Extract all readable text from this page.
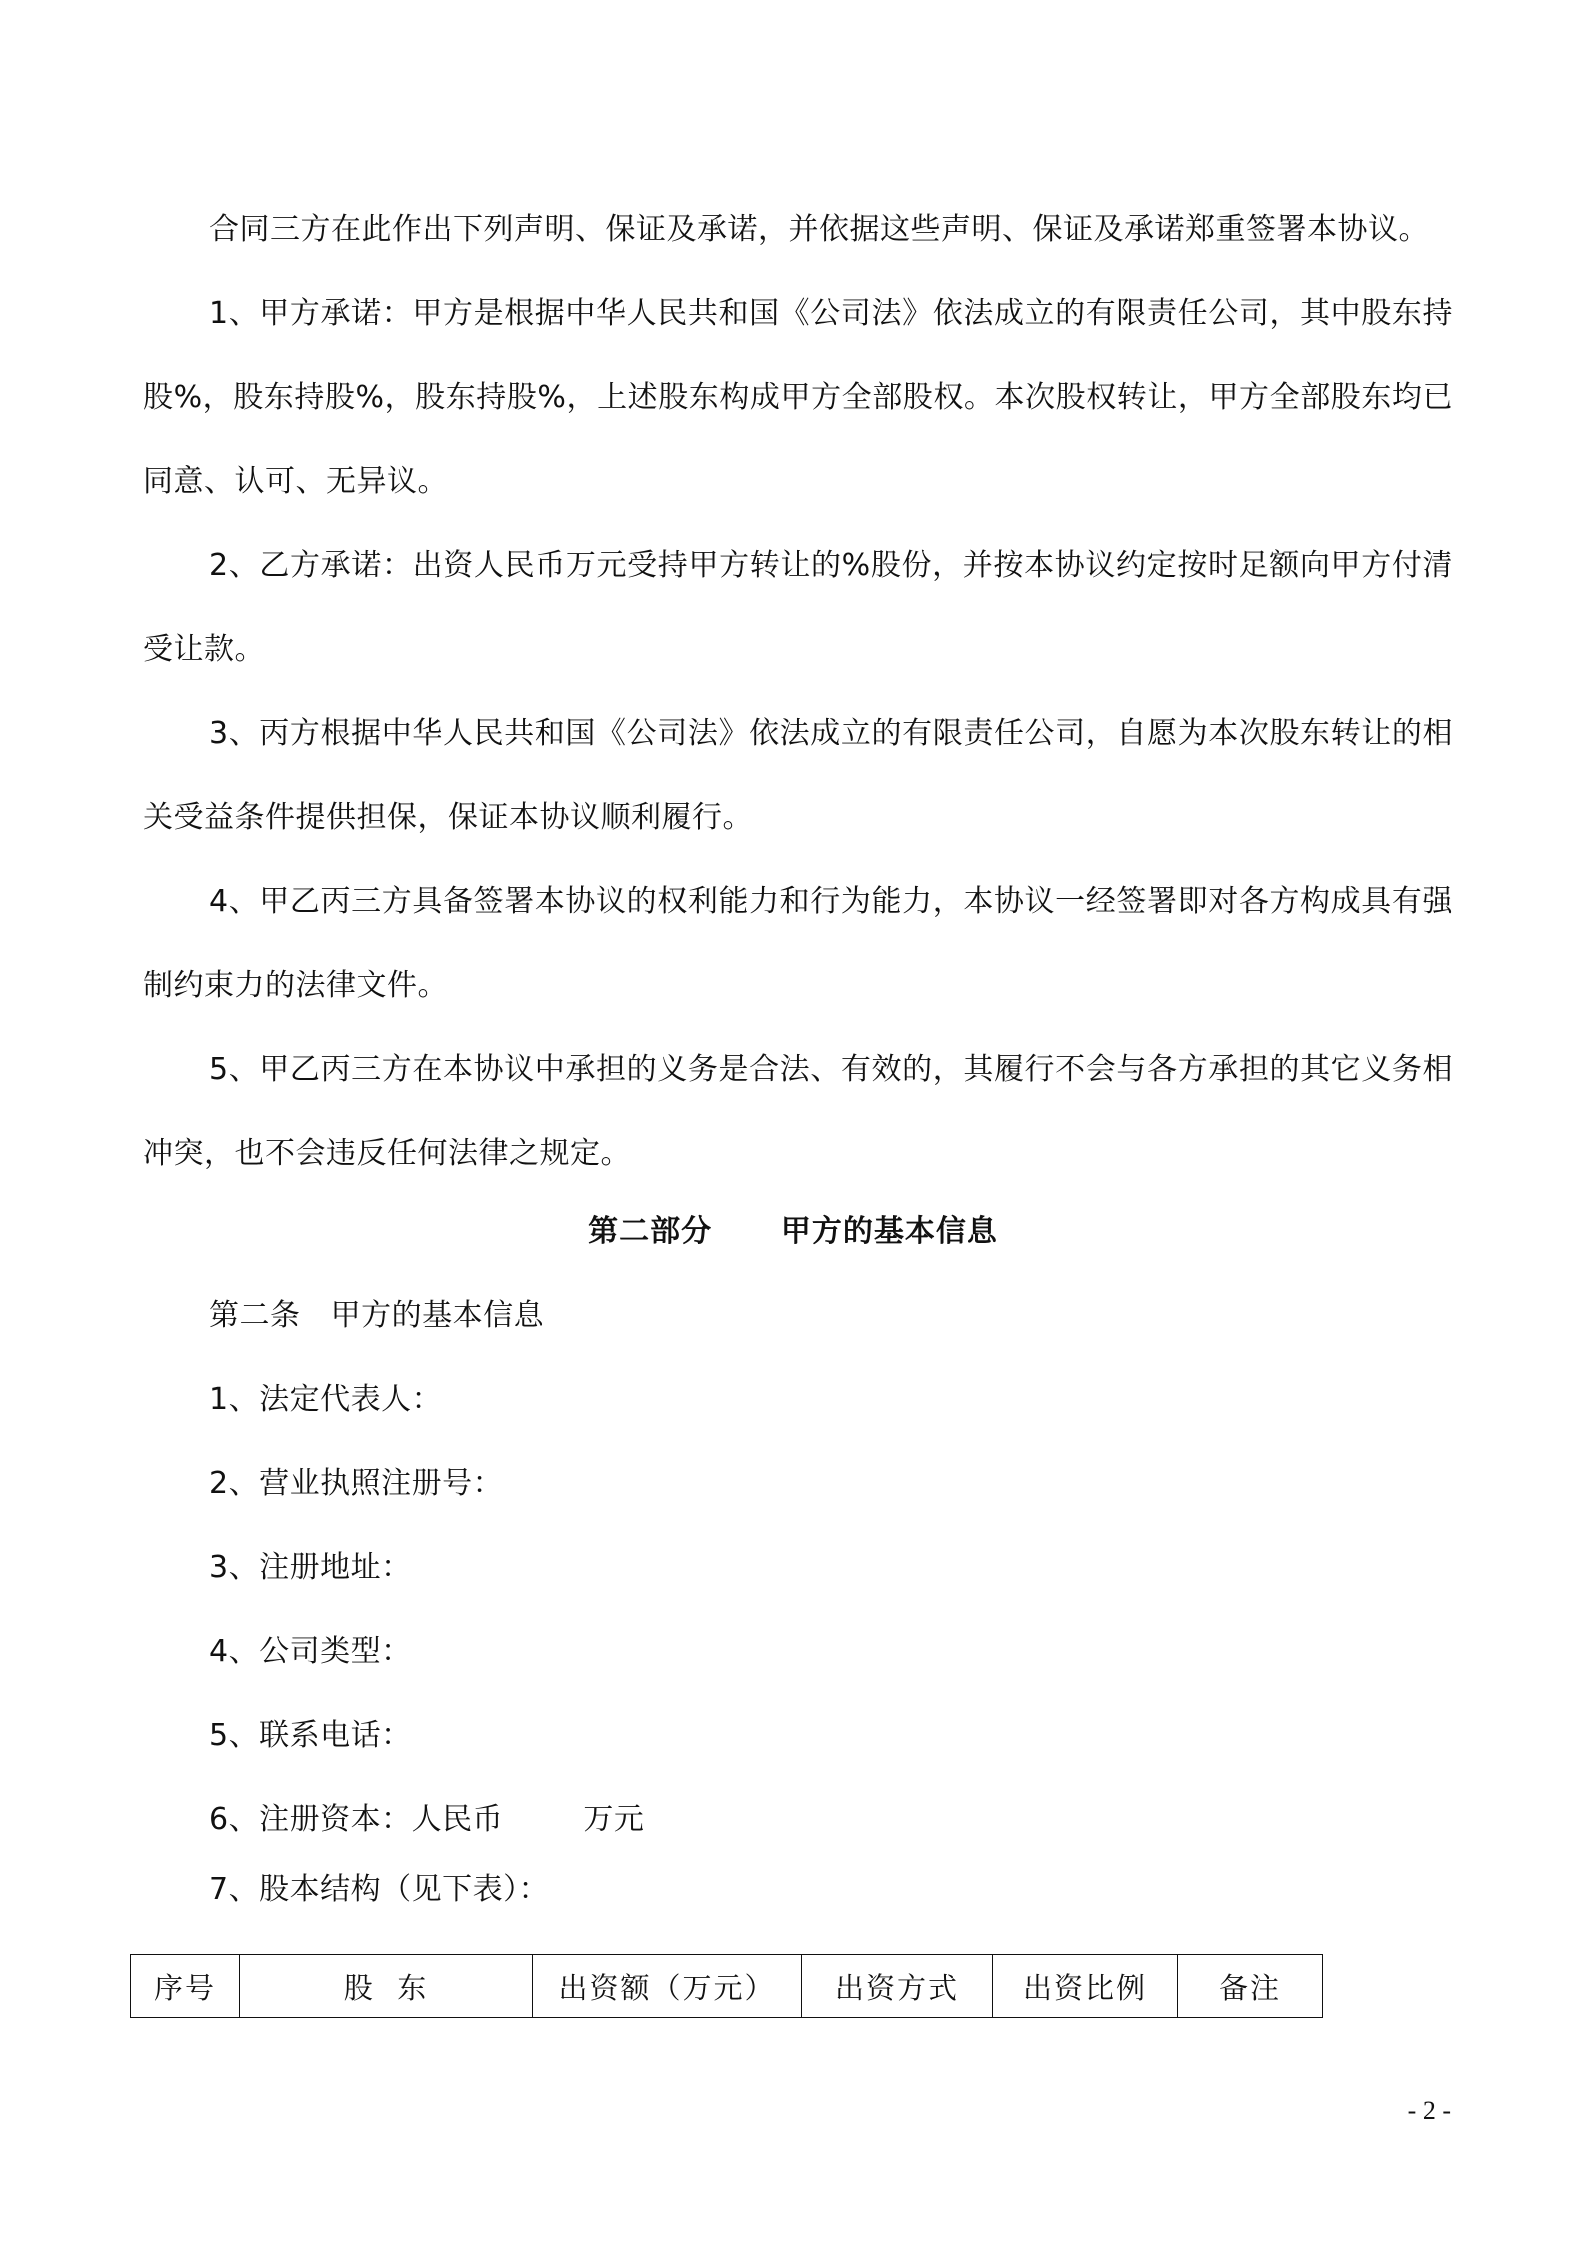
合同三方在此作出下列声明、保证及承诺，并依据这些声明、保证及承诺郑重签署本协议。

1、甲方承诺：甲方是根据中华人民共和国《公司法》依法成立的有限责任公司，其中股东持股%，股东持股%，股东持股%，上述股东构成甲方全部股权。本次股权转让，甲方全部股东均已同意、认可、无异议。

2、乙方承诺：出资人民币万元受持甲方转让的%股份，并按本协议约定按时足额向甲方付清受让款。

3、丙方根据中华人民共和国《公司法》依法成立的有限责任公司，自愿为本次股东转让的相关受益条件提供担保，保证本协议顺利履行。

4、甲乙丙三方具备签署本协议的权利能力和行为能力，本协议一经签署即对各方构成具有强制约束力的法律文件。

5、甲乙丙三方在本协议中承担的义务是合法、有效的，其履行不会与各方承担的其它义务相冲突，也不会违反任何法律之规定。

第二部分      甲方的基本信息

第二条   甲方的基本信息

1、法定代表人：

2、营业执照注册号：

3、注册地址：

4、公司类型：

5、联系电话：

6、注册资本：人民币        万元

7、股本结构（见下表）：

序号	股  东	出资额（万元）	出资方式	出资比例	备注
- 2 -
